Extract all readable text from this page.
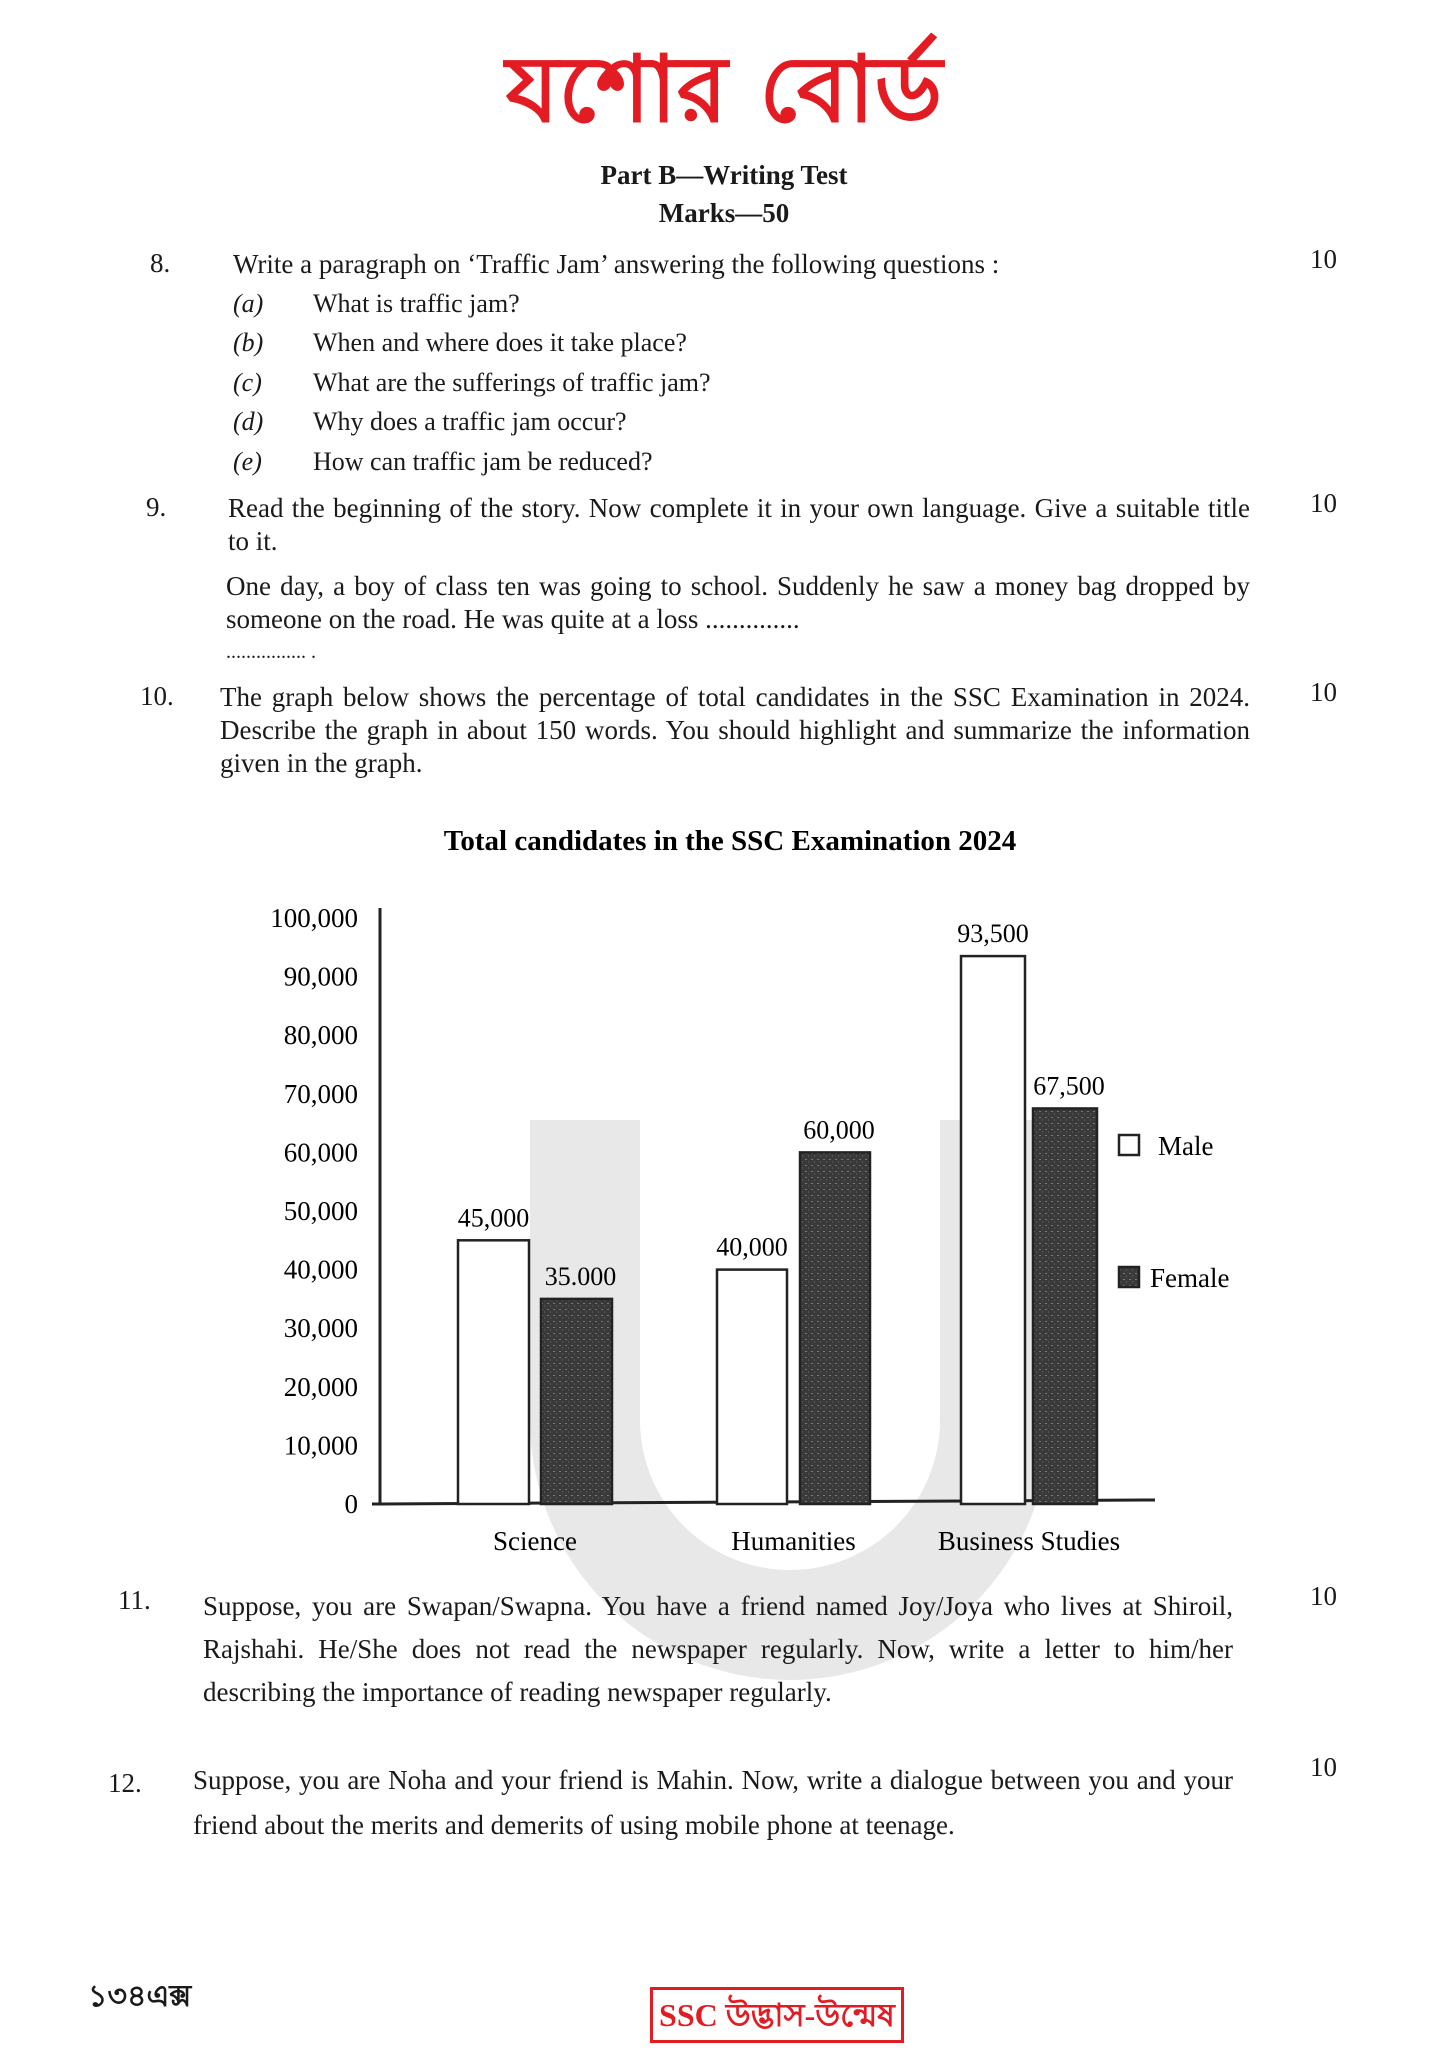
যশোর বোর্ড
Part B—Writing Test
Marks—50
8. Write a paragraph on ‘Traffic Jam’ answering the following questions :	10
(a) What is traffic jam?
(b) When and where does it take place?
(c) What are the sufferings of traffic jam?
(d) Why does a traffic jam occur?
(e) How can traffic jam be reduced?
9. Read the beginning of the story. Now complete it in your own language. Give a suitable title to it.
10
One day, a boy of class ten was going to school. Suddenly he saw a money bag dropped by someone on the road. He was quite at a loss ..............
................ .
10. The graph below shows the percentage of total candidates in the SSC Examination in 2024. Describe the graph in about 150 words. You should highlight and summarize the information given in the graph.
10
Total candidates in the SSC Examination 2024
0
10,000
20,000
30,000
40,000
50,000
60,000
70,000
80,000
90,000
100,000
45,000
35.000
Science
40,000
60,000
Humanities
93,500
67,500
Business Studies
Male
Female
11. Suppose, you are Swapan/Swapna. You have a friend named Joy/Joya who lives at Shiroil, Rajshahi. He/She does not read the newspaper regularly. Now, write a letter to him/her describing the importance of reading newspaper regularly.
10
12. Suppose, you are Noha and your friend is Mahin. Now, write a dialogue between you and your friend about the merits and demerits of using mobile phone at teenage.
10
১৩৪এক্স
SSC উদ্ভাস-উন্মেষ
